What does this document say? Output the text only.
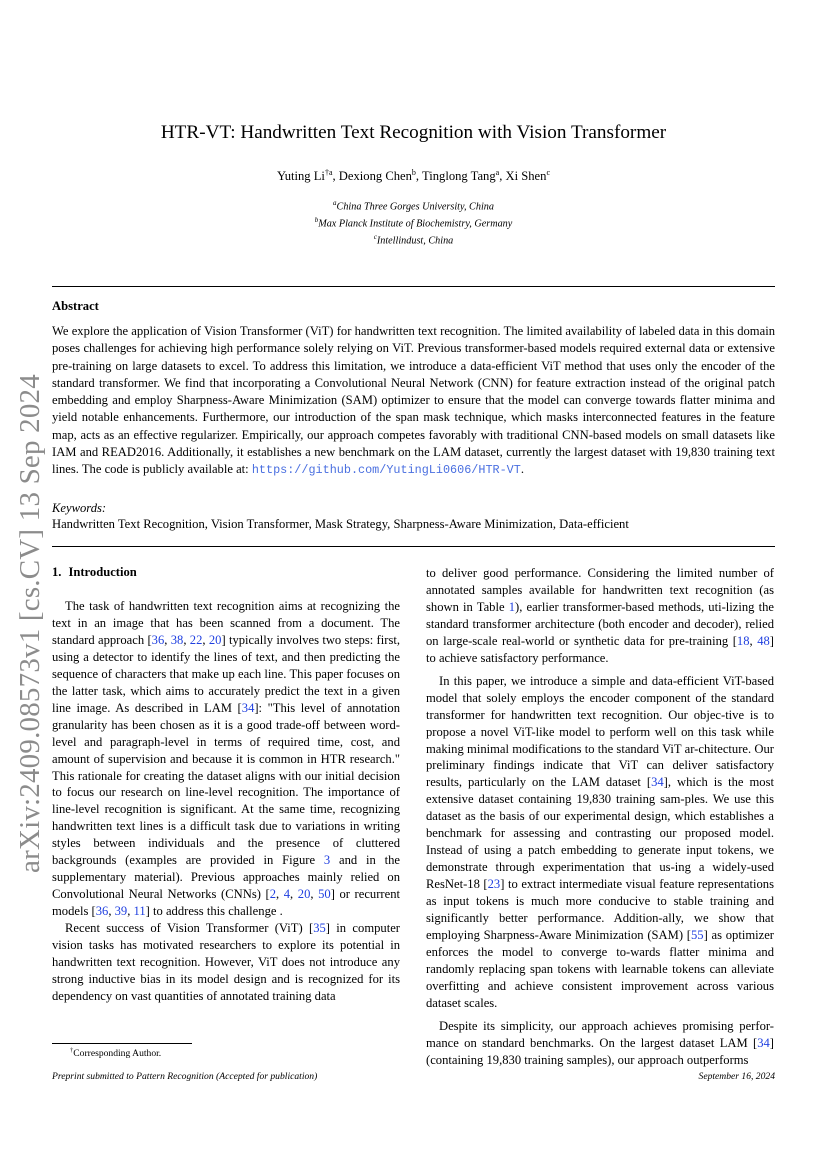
arXiv:2409.08573v1 [cs.CV] 13 Sep 2024
HTR-VT: Handwritten Text Recognition with Vision Transformer
Yuting Li$^{\dagger a}$, Dexiong Chen$^b$, Tinglong Tang$^a$, Xi Shen$^c$
$^a$China Three Gorges University, China
$^b$Max Planck Institute of Biochemistry, Germany
$^c$Intellindust, China
Abstract
We explore the application of Vision Transformer (ViT) for handwritten text recognition. The limited availability of labeled data in this domain poses challenges for achieving high performance solely relying on ViT. Previous transformer-based models required external data or extensive pre-training on large datasets to excel. To address this limitation, we introduce a data-efficient ViT method that uses only the encoder of the standard transformer. We find that incorporating a Convolutional Neural Network (CNN) for feature extraction instead of the original patch embedding and employ Sharpness-Aware Minimization (SAM) optimizer to ensure that the model can converge towards flatter minima and yield notable enhancements. Furthermore, our introduction of the span mask technique, which masks interconnected features in the feature map, acts as an effective regularizer. Empirically, our approach competes favorably with traditional CNN-based models on small datasets like IAM and READ2016. Additionally, it establishes a new benchmark on the LAM dataset, currently the largest dataset with 19,830 training text lines. The code is publicly available at: https://github.com/YutingLi0606/HTR-VT.
Keywords:
Handwritten Text Recognition, Vision Transformer, Mask Strategy, Sharpness-Aware Minimization, Data-efficient
1. Introduction

The task of handwritten text recognition aims at recognizing the text in an image that has been scanned from a document. The standard approach [36, 38, 22, 20] typically involves two steps: first, using a detector to identify the lines of text, and then predicting the sequence of characters that make up each line. This paper focuses on the latter task, which aims to accurately predict the text in a given line image. As described in LAM [34]: "This level of annotation granularity has been chosen as it is a good trade-off between word-level and paragraph-level in terms of required time, cost, and amount of supervision and because it is common in HTR research." This rationale for creating the dataset aligns with our initial decision to focus our research on line-level recognition. The importance of line-level recognition is significant. At the same time, recognizing handwritten text lines is a difficult task due to variations in writing styles between individuals and the presence of cluttered backgrounds (examples are provided in Figure 3 and in the supplementary material). Previous approaches mainly relied on Convolutional Neural Networks (CNNs) [2, 4, 20, 50] or recurrent models [36, 39, 11] to address this challenge .

Recent success of Vision Transformer (ViT) [35] in computer vision tasks has motivated researchers to explore its potential in handwritten text recognition. However, ViT does not introduce any strong inductive bias in its model design and is recognized for its dependency on vast quantities of annotated training data

to deliver good performance. Considering the limited number of annotated samples available for handwritten text recognition (as shown in Table 1), earlier transformer-based methods, uti-lizing the standard transformer architecture (both encoder and decoder), relied on large-scale real-world or synthetic data for pre-training [18, 48] to achieve satisfactory performance.

In this paper, we introduce a simple and data-efficient ViT-based model that solely employs the encoder component of the standard transformer for handwritten text recognition. Our objec-tive is to propose a novel ViT-like model to perform well on this task while making minimal modifications to the standard ViT ar-chitecture. Our preliminary findings indicate that ViT can deliver satisfactory results, particularly on the LAM dataset [34], which is the most extensive dataset containing 19,830 training sam-ples. We use this dataset as the basis of our experimental design, which establishes a benchmark for assessing and contrasting our proposed model. Instead of using a patch embedding to generate input tokens, we demonstrate through experimentation that us-ing a widely-used ResNet-18 [23] to extract intermediate visual feature representations as input tokens is much more conducive to stable training and significantly better performance. Addition-ally, we show that employing Sharpness-Aware Minimization (SAM) [55] as optimizer enforces the model to converge to-wards flatter minima and randomly replacing span tokens with learnable tokens can alleviate overfitting and achieve consistent improvement across various dataset scales.

Despite its simplicity, our approach achieves promising perfor-mance on standard benchmarks. On the largest dataset LAM [34] (containing 19,830 training samples), our approach outperforms

†Corresponding Author.
Preprint submitted to Pattern Recognition (Accepted for publication)	September 16, 2024
